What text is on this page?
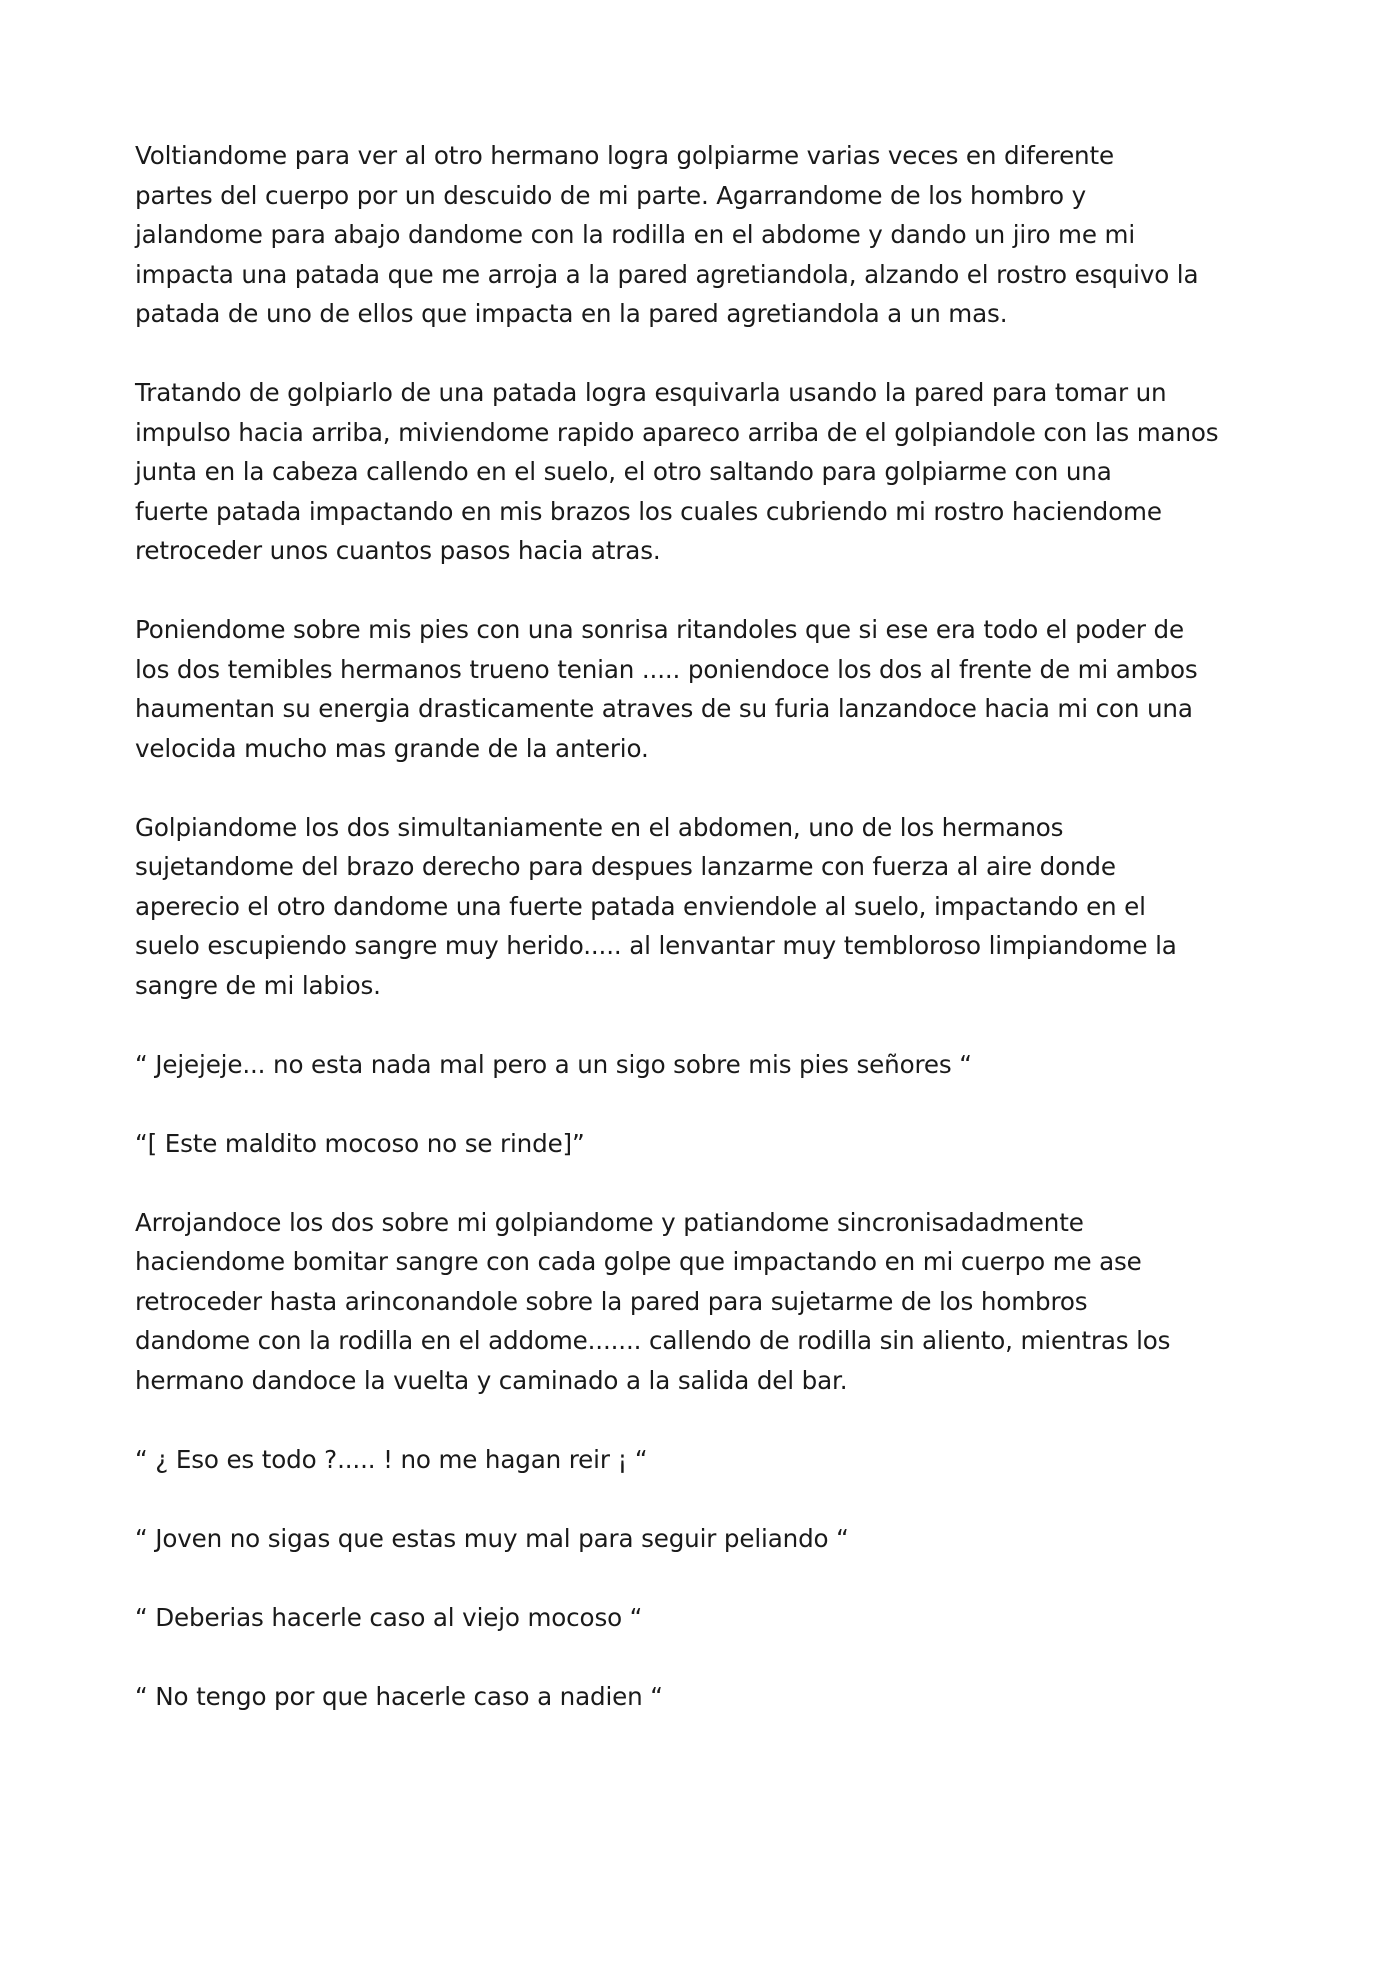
Voltiandome para ver al otro hermano logra golpiarme varias veces en diferente
partes del cuerpo por un descuido de mi parte. Agarrandome de los hombro y
jalandome para abajo dandome con la rodilla en el abdome y dando un jiro me mi
impacta una patada que me arroja a la pared agretiandola, alzando el rostro esquivo la
patada de uno de ellos que impacta en la pared agretiandola a un mas.

Tratando de golpiarlo de una patada logra esquivarla usando la pared para tomar un
impulso hacia arriba, miviendome rapido apareco arriba de el golpiandole con las manos
junta en la cabeza callendo en el suelo, el otro saltando para golpiarme con una
fuerte patada impactando en mis brazos los cuales cubriendo mi rostro haciendome
retroceder unos cuantos pasos hacia atras.

Poniendome sobre mis pies con una sonrisa ritandoles que si ese era todo el poder de
los dos temibles hermanos trueno tenian ..... poniendoce los dos al frente de mi ambos
haumentan su energia drasticamente atraves de su furia lanzandoce hacia mi con una
velocida mucho mas grande de la anterio.

Golpiandome los dos simultaniamente en el abdomen, uno de los hermanos
sujetandome del brazo derecho para despues lanzarme con fuerza al aire donde
aperecio el otro dandome una fuerte patada enviendole al suelo, impactando en el
suelo escupiendo sangre muy herido..... al lenvantar muy tembloroso limpiandome la
sangre de mi labios.

“ Jejejeje... no esta nada mal pero a un sigo sobre mis pies señores “

“[ Este maldito mocoso no se rinde]”

Arrojandoce los dos sobre mi golpiandome y patiandome sincronisadadmente
haciendome bomitar sangre con cada golpe que impactando en mi cuerpo me ase
retroceder hasta arinconandole sobre la pared para sujetarme de los hombros
dandome con la rodilla en el addome....... callendo de rodilla sin aliento, mientras los
hermano dandoce la vuelta y caminado a la salida del bar.

“ ¿ Eso es todo ?..... ! no me hagan reir ¡ “

“ Joven no sigas que estas muy mal para seguir peliando “

“ Deberias hacerle caso al viejo mocoso “

“ No tengo por que hacerle caso a nadien “
